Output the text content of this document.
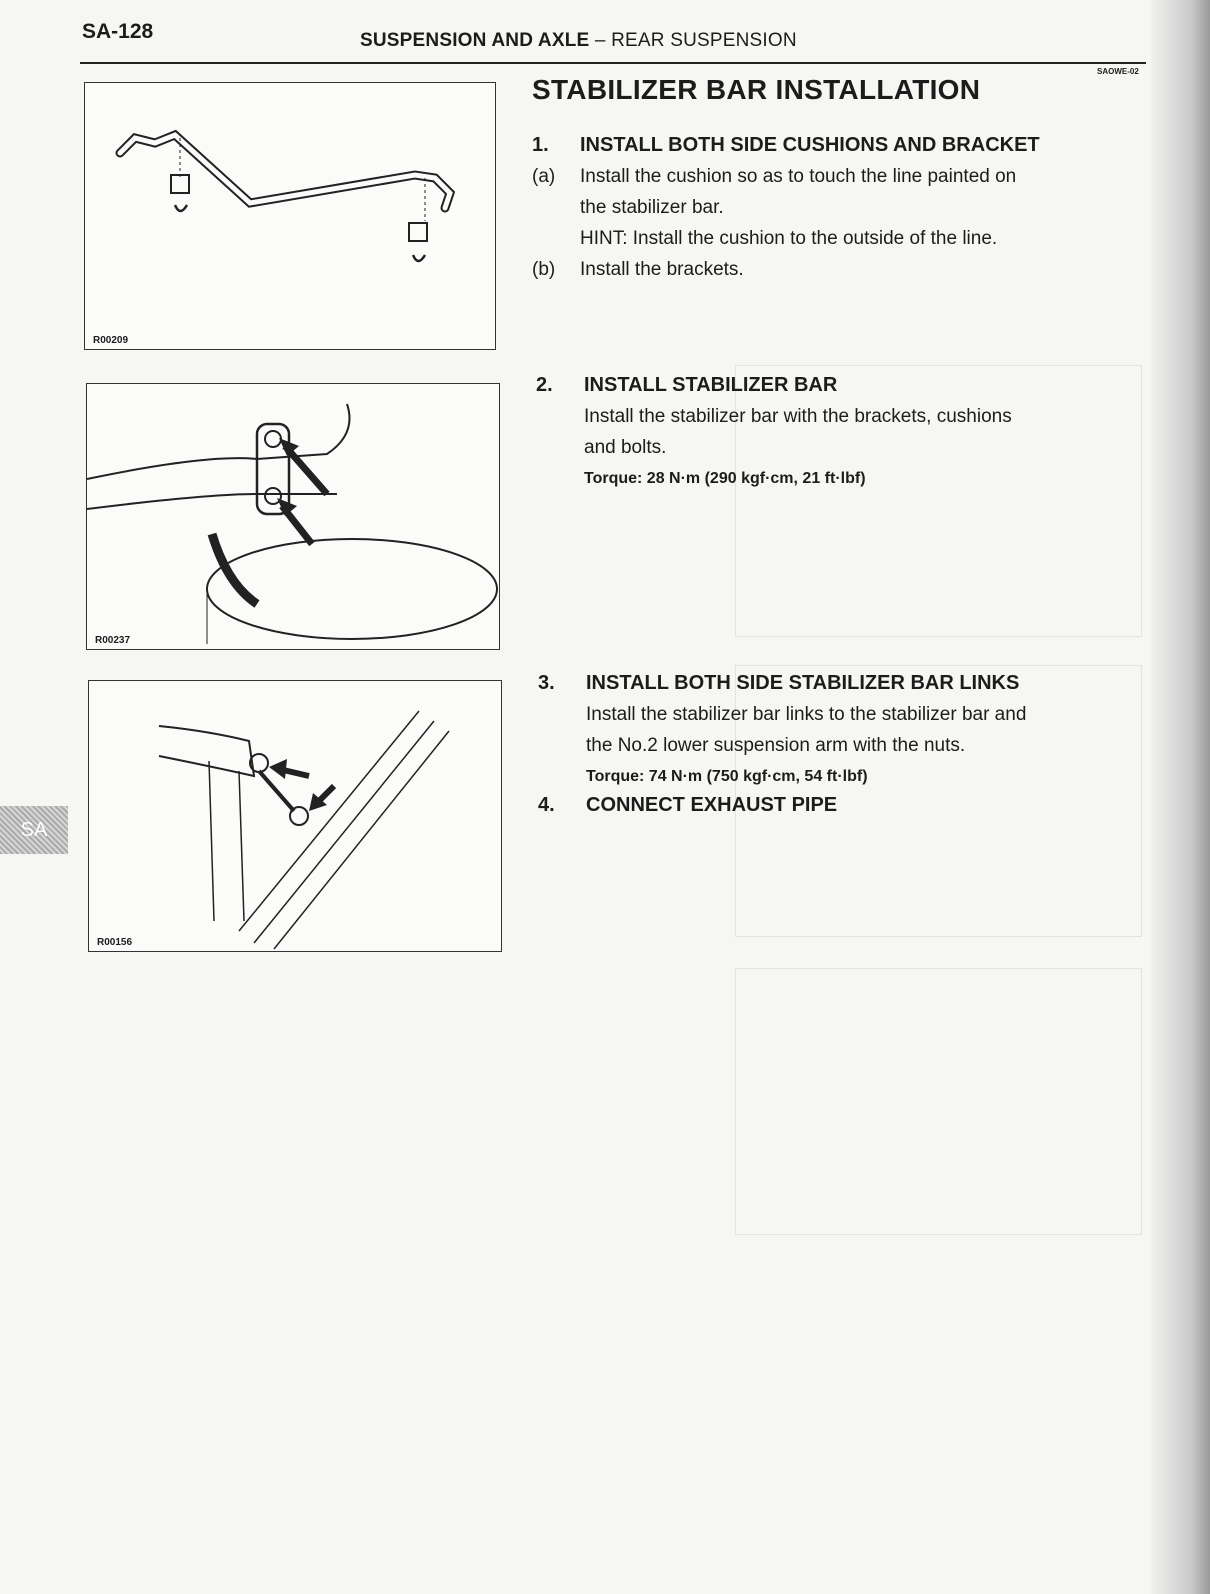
SA-128	SUSPENSION AND AXLE – REAR SUSPENSION
SAOWE-02
STABILIZER BAR INSTALLATION
R00209
R00237
R00156
1. INSTALL BOTH SIDE CUSHIONS AND BRACKET
(a) Install the cushion so as to touch the line painted on
the stabilizer bar.
HINT: Install the cushion to the outside of the line.
(b) Install the brackets.
2. INSTALL STABILIZER BAR
Install the stabilizer bar with the brackets, cushions
and bolts.
Torque: 28 N·m (290 kgf·cm, 21 ft·lbf)
3. INSTALL BOTH SIDE STABILIZER BAR LINKS
Install the stabilizer bar links to the stabilizer bar and
the No.2 lower suspension arm with the nuts.
Torque: 74 N·m (750 kgf·cm, 54 ft·lbf)
4. CONNECT EXHAUST PIPE
SA
